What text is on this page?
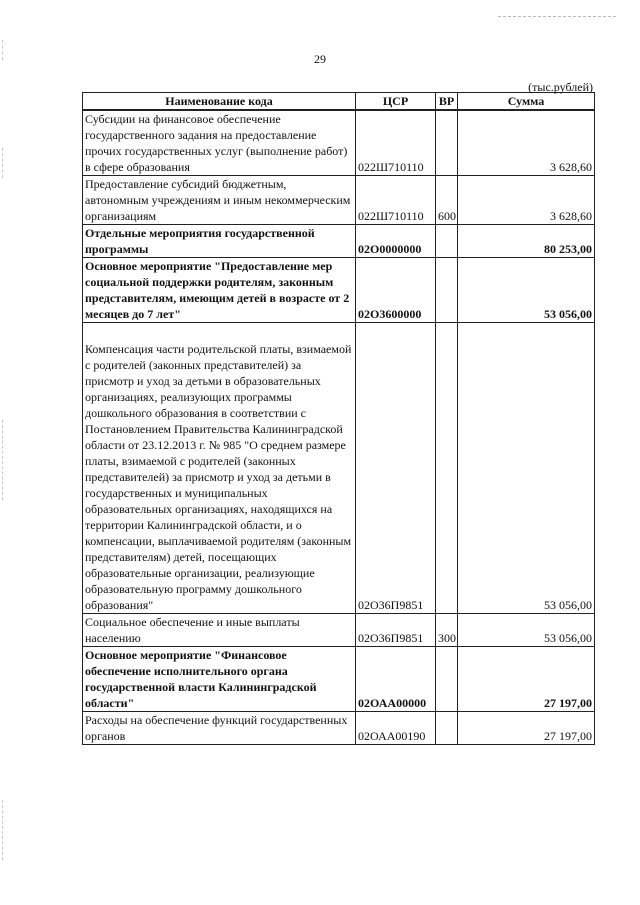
29
(тыс.рублей)
Наименование кода	ЦСР	ВР	Сумма
Субсидии на финансовое обеспечение государственного задания на предоставление прочих государственных услуг (выполнение работ) в сфере образования	022Ш710110		3 628,60
Предоставление субсидий бюджетным, автономным учреждениям и иным некоммерческим организациям	022Ш710110	600	3 628,60
Отдельные мероприятия государственной программы	02О0000000		80 253,00
Основное мероприятие "Предоставление мер социальной поддержки родителям, законным представителям, имеющим детей в возрасте от 2 месяцев до 7 лет"	02О3600000		53 056,00
Компенсация части родительской платы, взимаемой с родителей (законных представителей) за присмотр и уход за детьми в образовательных организациях, реализующих программы дошкольного образования в соответствии с Постановлением Правительства Калининградской области от 23.12.2013 г. № 985 "О среднем размере платы, взимаемой с родителей (законных представителей) за присмотр и уход за детьми в государственных и муниципальных образовательных организациях, находящихся на территории Калининградской области, и о компенсации, выплачиваемой родителям (законным представителям) детей, посещающих образовательные организации, реализующие образовательную программу дошкольного образования"	02О36П9851		53 056,00
Социальное обеспечение и иные выплаты населению	02О36П9851	300	53 056,00
Основное мероприятие "Финансовое обеспечение исполнительного органа государственной власти Калининградской области"	02ОАА00000		27 197,00
Расходы на обеспечение функций государственных органов	02ОАА00190		27 197,00
